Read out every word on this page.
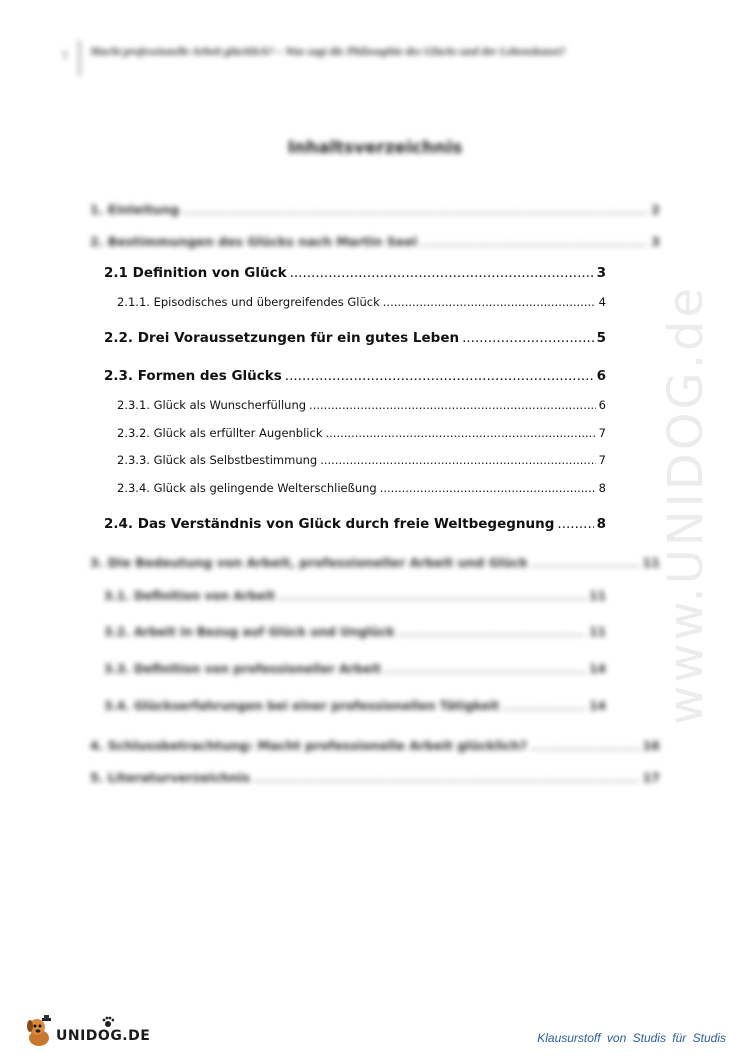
1 Macht professionelle Arbeit glücklich? – Was sagt die Philosophie des Glücks und der Lebenskunst?
www.UNIDOG.de
Inhaltsverzeichnis
1. Einleitung .....	2
2. Bestimmungen des Glücks nach Martin Seel .....	3
2.1 Definition von Glück .....	3
2.1.1. Episodisches und übergreifendes Glück .....	4
2.2. Drei Voraussetzungen für ein gutes Leben .....	5
2.3. Formen des Glücks .....	6
2.3.1. Glück als Wunscherfüllung .....	6
2.3.2. Glück als erfüllter Augenblick .....	7
2.3.3. Glück als Selbstbestimmung .....	7
2.3.4. Glück als gelingende Welterschließung .....	8
2.4. Das Verständnis von Glück durch freie Weltbegegnung .....	8
3. Die Bedeutung von Arbeit, professioneller Arbeit und Glück .....	11
3.1. Definition von Arbeit .....	11
3.2. Arbeit in Bezug auf Glück und Unglück .....	11
3.3. Definition von professioneller Arbeit .....	14
3.4. Glückserfahrungen bei einer professionellen Tätigkeit .....	14
4. Schlussbetrachtung: Macht professionelle Arbeit glücklich? .....	16
5. Literaturverzeichnis .....	17
UNIDOG.DE	Klausurstoff von Studis für Studis
